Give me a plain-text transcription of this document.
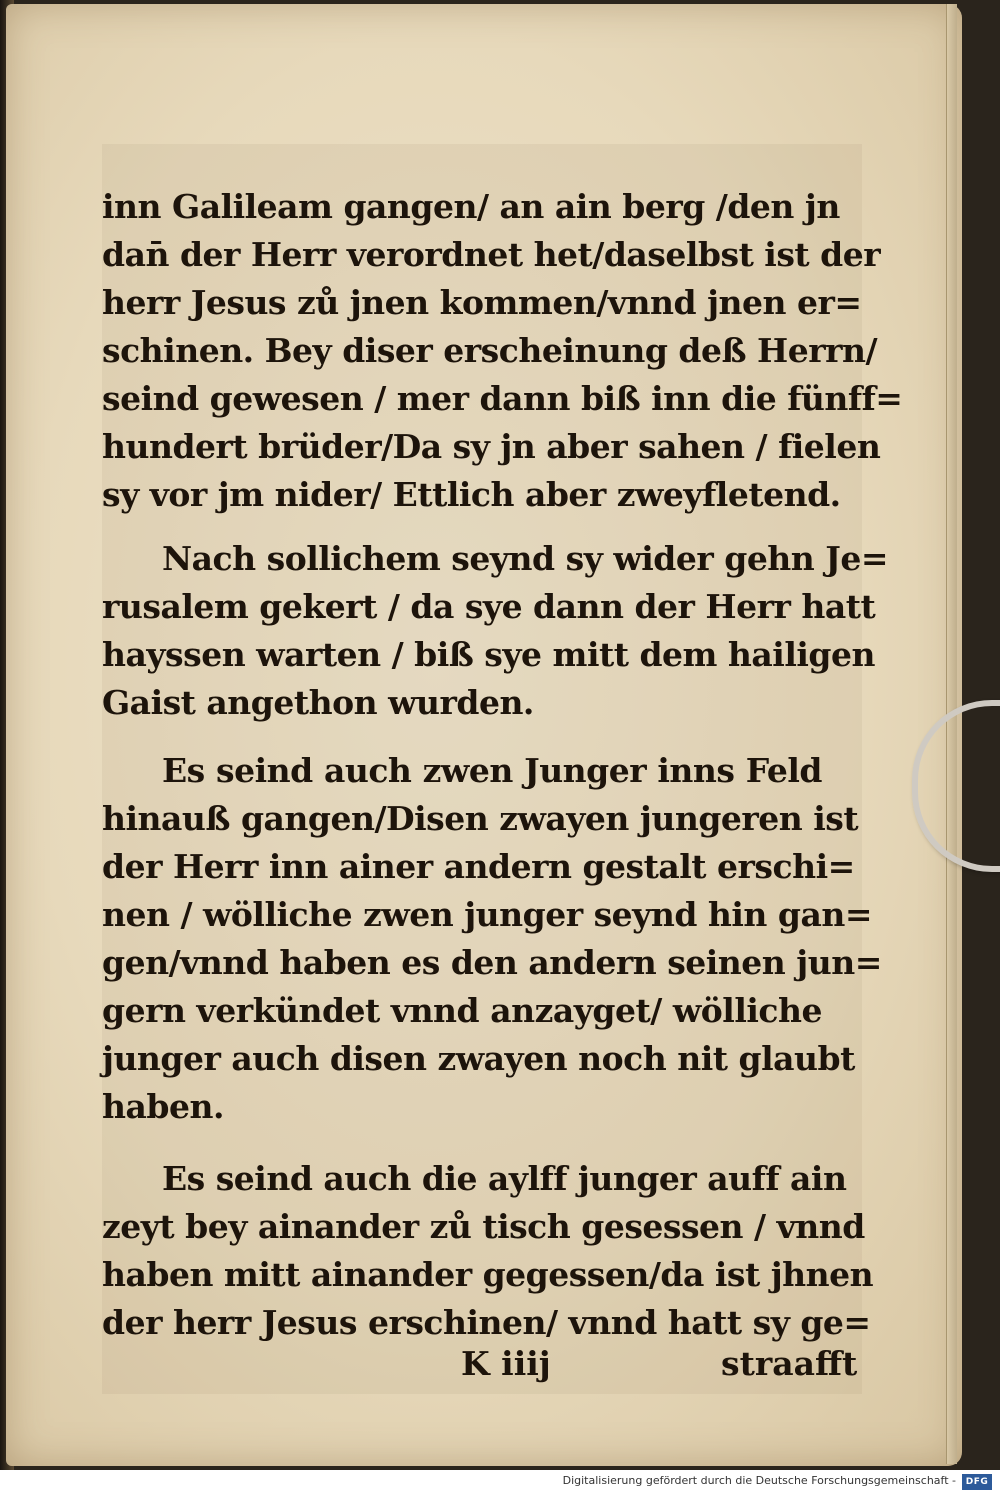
inn Galileam gangen/ an ain berg /den jn
dan̄ der Herr verordnet het/daselbst ist der
herr Jesus zů jnen kommen/vnnd jnen er=
schinen. Bey diser erscheinung deß Herrn/
seind gewesen / mer dann biß inn die fünff=
hundert brüder/Da sy jn aber sahen / fielen
sy vor jm nider/ Ettlich aber zweyfletend.
Nach sollichem seynd sy wider gehn Je=
rusalem gekert / da sye dann der Herr hatt
hayssen warten / biß sye mitt dem hailigen
Gaist angethon wurden.
Es seind auch zwen Junger inns Feld
hinauß gangen/Disen zwayen jungeren ist
der Herr inn ainer andern gestalt erschi=
nen / wölliche zwen junger seynd hin gan=
gen/vnnd haben es den andern seinen jun=
gern verkündet vnnd anzayget/ wölliche
junger auch disen zwayen noch nit glaubt
haben.
Es seind auch die aylff junger auff ain
zeyt bey ainander zů tisch gesessen / vnnd
haben mitt ainander gegessen/da ist jhnen
der herr Jesus erschinen/ vnnd hatt sy ge=
K iiij	straafft
Digitalisierung gefördert durch die Deutsche Forschungsgemeinschaft -	DFG
